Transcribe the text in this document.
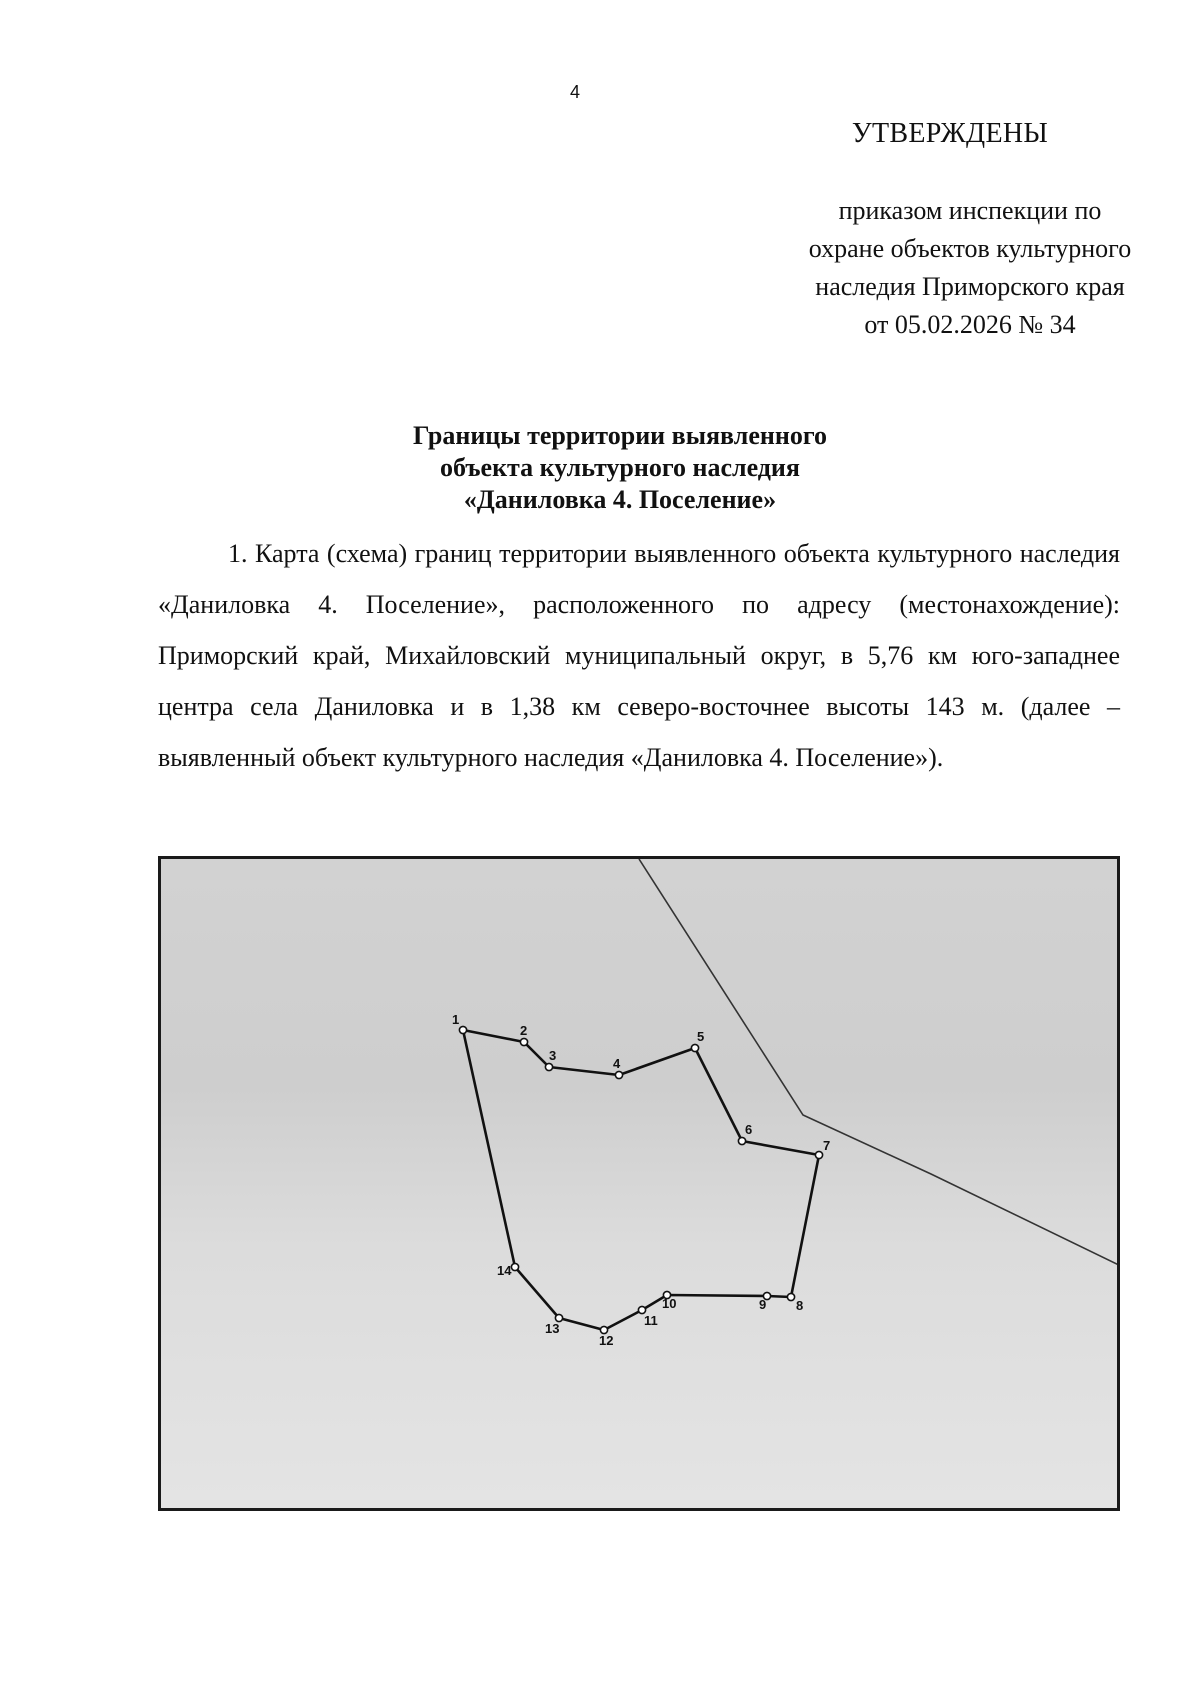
4
УТВЕРЖДЕНЫ
приказом инспекции по
охране объектов культурного
наследия Приморского края
от 05.02.2026 № 34
Границы территории выявленного
объекта культурного наследия
«Даниловка 4. Поселение»

1. Карта (схема) границ территории выявленного объекта культурного наследия «Даниловка 4. Поселение», расположенного по адресу (местонахождение): Приморский край, Михайловский муниципальный округ, в 5,76 км юго-западнее центра села Даниловка и в 1,38 км северо-восточнее высоты 143 м. (далее – выявленный объект культурного наследия «Даниловка 4. Поселение»).

1
2
3
4
5
6
7
8
9
10
11
12
13
14
